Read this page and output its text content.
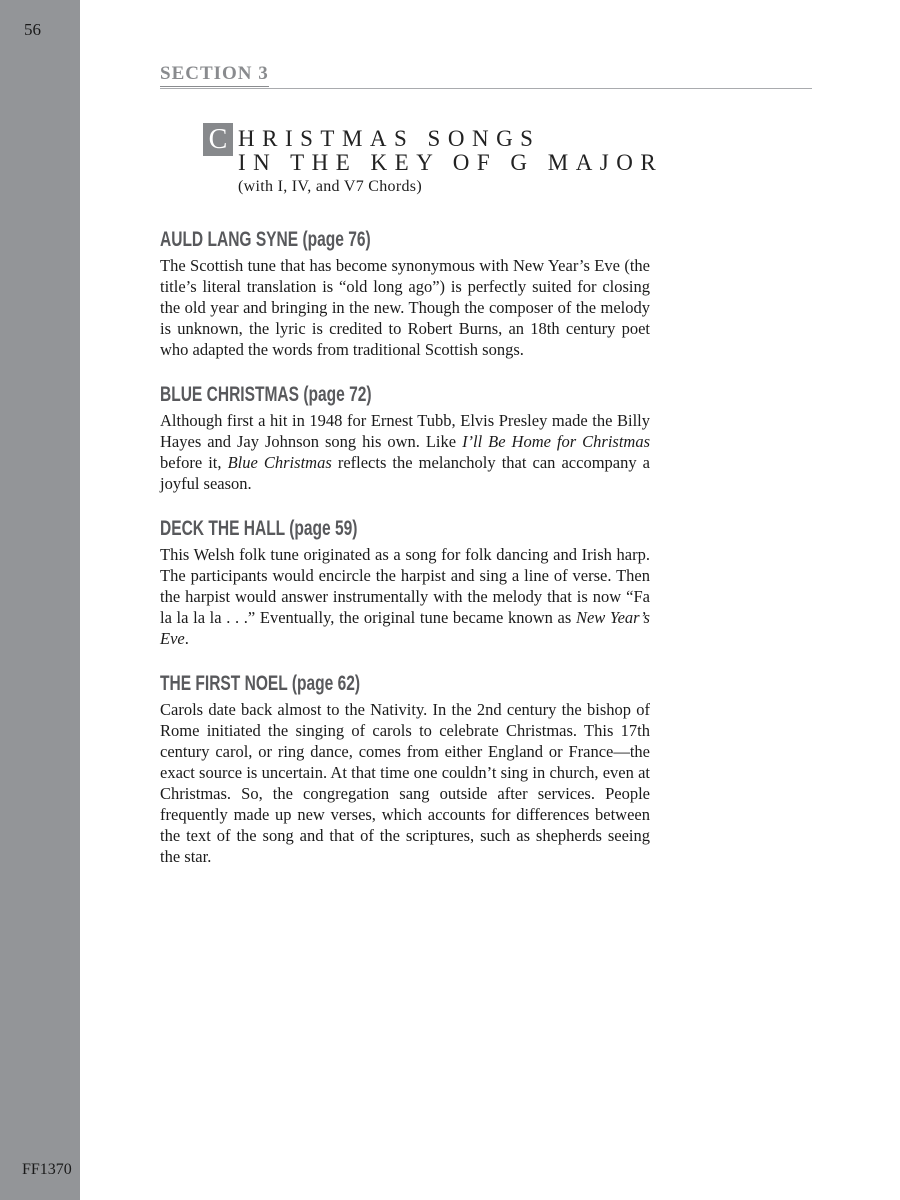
56
FF1370
SECTION 3
C HRISTMAS SONGS
IN THE KEY OF G MAJOR
(with I, IV, and V7 Chords)
AULD LANG SYNE (page 76)
The Scottish tune that has become synonymous with New Year’s Eve (the title’s literal translation is “old long ago”) is perfectly suited for closing the old year and bringing in the new. Though the composer of the melody is unknown, the lyric is credited to Robert Burns, an 18th century poet who adapted the words from traditional Scottish songs.
BLUE CHRISTMAS (page 72)
Although first a hit in 1948 for Ernest Tubb, Elvis Presley made the Billy Hayes and Jay Johnson song his own. Like I’ll Be Home for Christmas before it, Blue Christmas reflects the melancholy that can accompany a joyful season.
DECK THE HALL (page 59)
This Welsh folk tune originated as a song for folk dancing and Irish harp. The participants would encircle the harpist and sing a line of verse. Then the harpist would answer instrumentally with the melody that is now “Fa la la la la . . .” Eventually, the original tune became known as New Year’s Eve.
THE FIRST NOEL (page 62)
Carols date back almost to the Nativity. In the 2nd century the bishop of Rome initiated the singing of carols to celebrate Christmas. This 17th century carol, or ring dance, comes from either England or France—the exact source is uncertain. At that time one couldn’t sing in church, even at Christmas. So, the congregation sang outside after services. People frequently made up new verses, which accounts for differences between the text of the song and that of the scriptures, such as shepherds seeing the star.
